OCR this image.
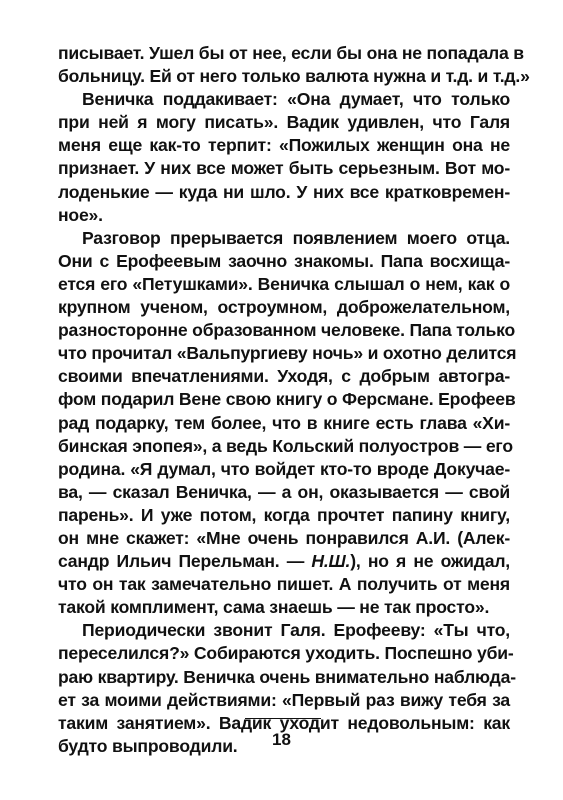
писывает. Ушел бы от нее, если бы она не попадала в
больницу. Ей от него только валюта нужна и т.д. и т.д.»
Веничка поддакивает: «Она думает, что только
при ней я могу писать». Вадик удивлен, что Галя
меня еще как-то терпит: «Пожилых женщин она не
признает. У них все может быть серьезным. Вот мо-
лоденькие — куда ни шло. У них все кратковремен-
ное».
Разговор прерывается появлением моего отца.
Они с Ерофеевым заочно знакомы. Папа восхища-
ется его «Петушками». Веничка слышал о нем, как о
крупном ученом, остроумном, доброжелательном,
разностороннe образованном человеке. Папа только
что прочитал «Вальпургиеву ночь» и охотно делится
своими впечатлениями. Уходя, с добрым автогра-
фом подарил Вене свою книгу о Ферсмане. Ерофеев
рад подарку, тем более, что в книге есть глава «Хи-
бинская эпопея», а ведь Кольский полуостров — его
родина. «Я думал, что войдет кто-то вроде Докучае-
ва, — сказал Веничка, — а он, оказывается — свой
парень». И уже потом, когда прочтет папину книгу,
он мне скажет: «Мне очень понравился А.И. (Алек-
сандр Ильич Перельман. — Н.Ш.), но я не ожидал,
что он так замечательно пишет. А получить от меня
такой комплимент, сама знаешь — не так просто».
Периодически звонит Галя. Ерофееву: «Ты что,
переселился?» Собираются уходить. Поспешно уби-
раю квартиру. Веничка очень внимательно наблюда-
ет за моими действиями: «Первый раз вижу тебя за
таким занятием». Вадик уходит недовольным: как
будто выпроводили.	18
